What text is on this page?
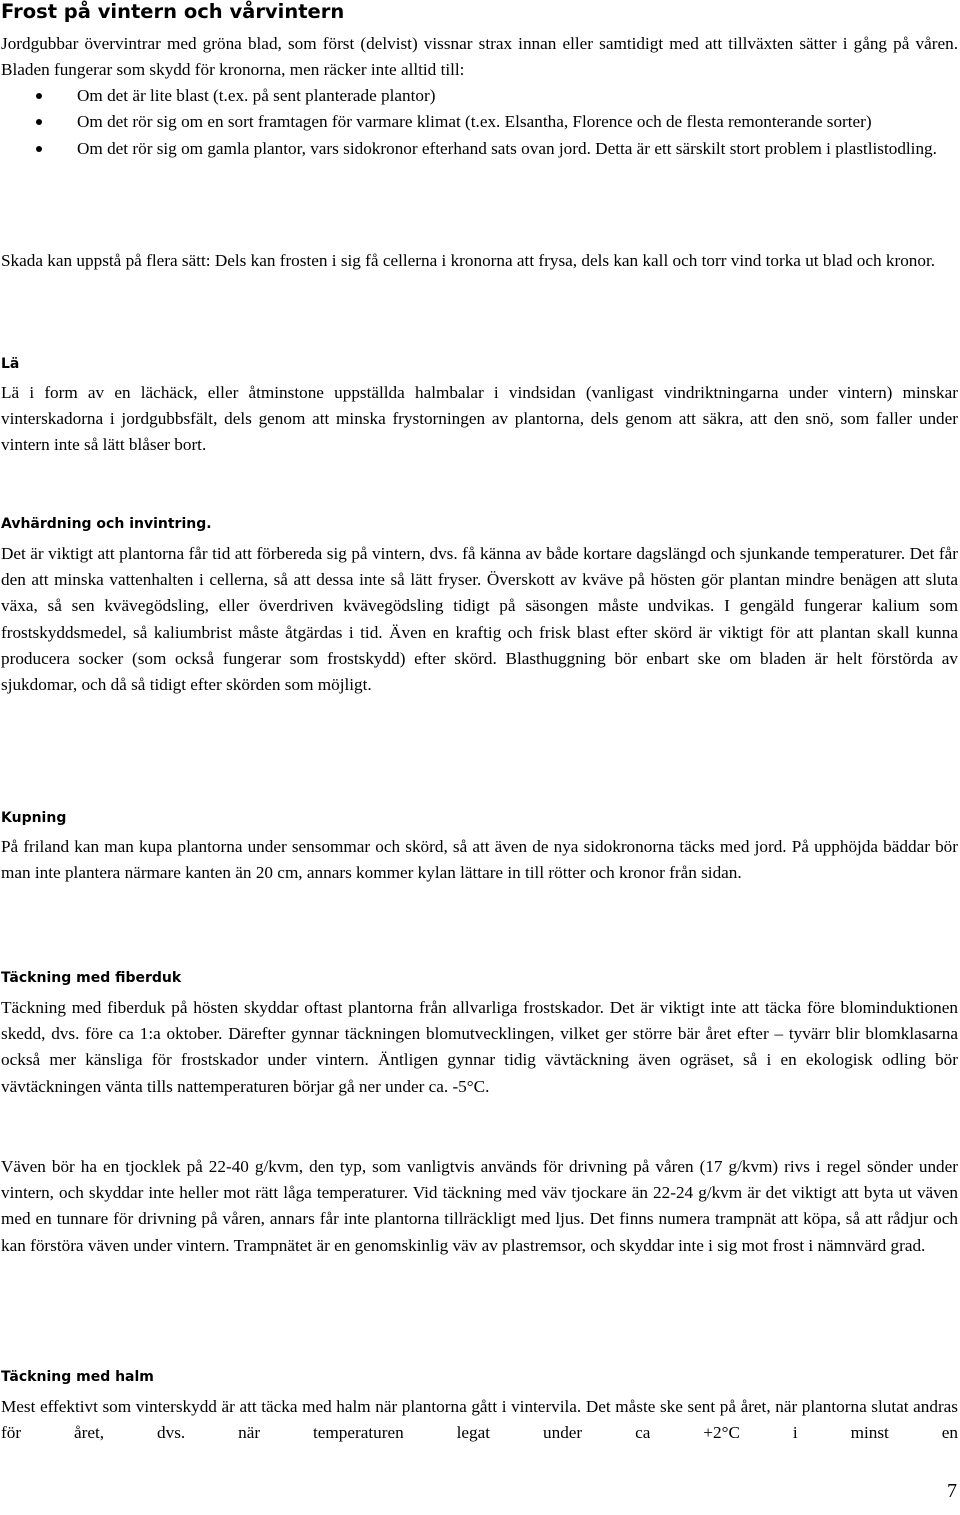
Frost på vintern och vårvintern

Jordgubbar övervintrar med gröna blad, som först (delvist) vissnar strax innan eller samtidigt med att tillväxten sätter i gång på våren. Bladen fungerar som skydd för kronorna, men räcker inte alltid till:

Om det är lite blast (t.ex. på sent planterade plantor)
Om det rör sig om en sort framtagen för varmare klimat (t.ex. Elsantha, Florence och de flesta remonterande sorter)
Om det rör sig om gamla plantor, vars sidokronor efterhand sats ovan jord. Detta är ett särskilt stort problem i plastlistodling.

Skada kan uppstå på flera sätt: Dels kan frosten i sig få cellerna i kronorna att frysa, dels kan kall och torr vind torka ut blad och kronor.

Lä

Lä i form av en lächäck, eller åtminstone uppställda halmbalar i vindsidan (vanligast vindriktningarna under vintern) minskar vinterskadorna i jordgubbsfält, dels genom att minska frystorningen av plantorna, dels genom att säkra, att den snö, som faller under vintern inte så lätt blåser bort.

Avhärdning och invintring.

Det är viktigt att plantorna får tid att förbereda sig på vintern, dvs. få känna av både kortare dagslängd och sjunkande temperaturer. Det får den att minska vattenhalten i cellerna, så att dessa inte så lätt fryser. Överskott av kväve på hösten gör plantan mindre benägen att sluta växa, så sen kvävegödsling, eller överdriven kvävegödsling tidigt på säsongen måste undvikas. I gengäld fungerar kalium som frostskyddsmedel, så kaliumbrist måste åtgärdas i tid. Även en kraftig och frisk blast efter skörd är viktigt för att plantan skall kunna producera socker (som också fungerar som frostskydd) efter skörd. Blasthuggning bör enbart ske om bladen är helt förstörda av sjukdomar, och då så tidigt efter skörden som möjligt.

Kupning

På friland kan man kupa plantorna under sensommar och skörd, så att även de nya sidokronorna täcks med jord. På upphöjda bäddar bör man inte plantera närmare kanten än 20 cm, annars kommer kylan lättare in till rötter och kronor från sidan.

Täckning med fiberduk

Täckning med fiberduk på hösten skyddar oftast plantorna från allvarliga frostskador. Det är viktigt inte att täcka före blominduktionen skedd, dvs. före ca 1:a oktober. Därefter gynnar täckningen blomutvecklingen, vilket ger större bär året efter – tyvärr blir blomklasarna också mer känsliga för frostskador under vintern. Äntligen gynnar tidig vävtäckning även ogräset, så i en ekologisk odling bör vävtäckningen vänta tills nattemperaturen börjar gå ner under ca. -5°C.

Väven bör ha en tjocklek på 22-40 g/kvm, den typ, som vanligtvis används för drivning på våren (17 g/kvm) rivs i regel sönder under vintern, och skyddar inte heller mot rätt låga temperaturer. Vid täckning med väv tjockare än 22-24 g/kvm är det viktigt att byta ut väven med en tunnare för drivning på våren, annars får inte plantorna tillräckligt med ljus. Det finns numera trampnät att köpa, så att rådjur och kan förstöra väven under vintern. Trampnätet är en genomskinlig väv av plastremsor, och skyddar inte i sig mot frost i nämnvärd grad.

Täckning med halm

Mest effektivt som vinterskydd är att täcka med halm när plantorna gått i vintervila. Det måste ske sent på året, när plantorna slutat andras för året, dvs. när temperaturen legat under ca +2°C i minst en

7
